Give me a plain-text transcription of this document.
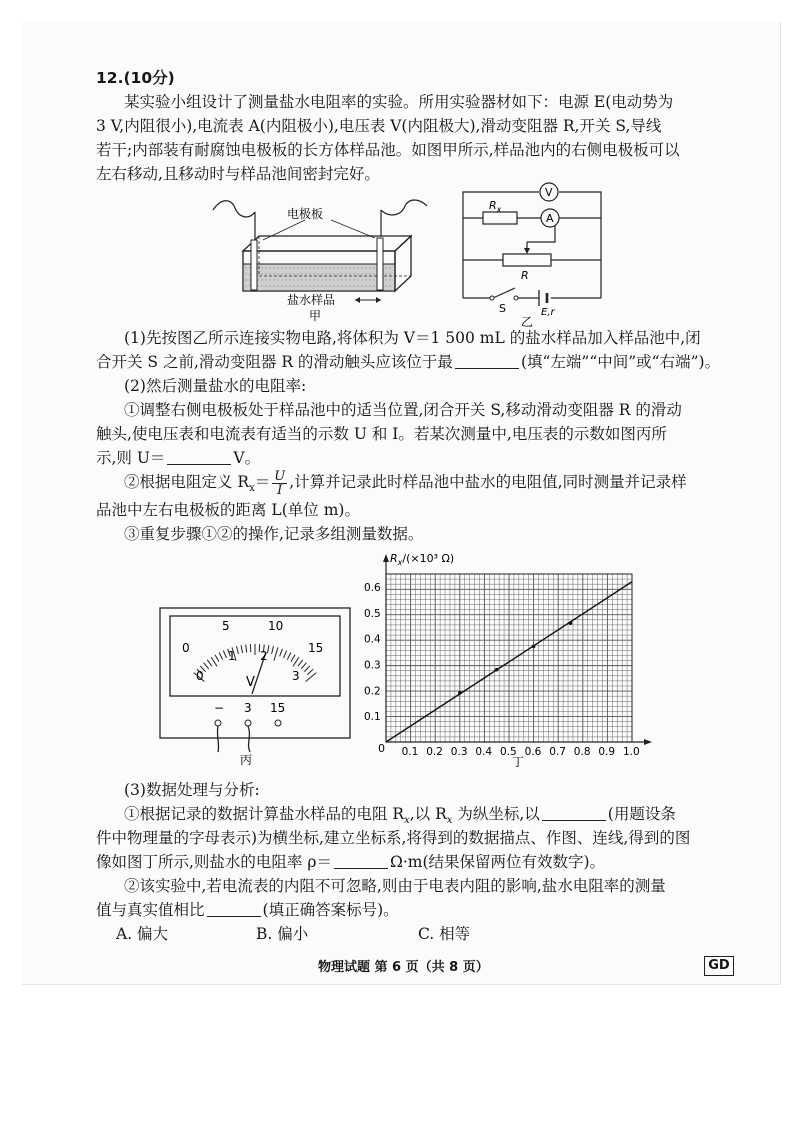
12.(10分)
某实验小组设计了测量盐水电阻率的实验。所用实验器材如下：电源 E(电动势为
3 V,内阻很小),电流表 A(内阻极小),电压表 V(内阻极大),滑动变阻器 R,开关 S,导线
若干;内部装有耐腐蚀电极板的长方体样品池。如图甲所示,样品池内的右侧电极板可以
左右移动,且移动时与样品池间密封完好。
电极板
盐水样品
甲
V
A
$R_x$
R
S	E,r
乙
(1)先按图乙所示连接实物电路,将体积为 V＝1 500 mL 的盐水样品加入样品池中,闭
合开关 S 之前,滑动变阻器 R 的滑动触头应该位于最	(填“左端”“中间”或“右端”)。
(2)然后测量盐水的电阻率:
①调整右侧电极板处于样品池中的适当位置,闭合开关 S,移动滑动变阻器 R 的滑动
触头,使电压表和电流表有适当的示数 U 和 I。若某次测量中,电压表的示数如图丙所
示,则 U＝	V。
②根据电阻定义 $R_x= \frac{U}{I}$ ,计算并记录此时样品池中盐水的电阻值,同时测量并记录样
品池中左右电极板的距离 L(单位 m)。
③重复步骤①②的操作,记录多组测量数据。
0
5	10
15
0
1 2
3
V
− 3 15
丙
$R_x/(\times 10^3$ Ω)
0 0.1 0.2 0.3 0.4 0.5 0.6 0.7 0.8 0.9 1.0
0.1
0.2
0.3
0.4
0.5
0.6
丁
(3)数据处理与分析:
①根据记录的数据计算盐水样品的电阻 $R_x$,以 $R_x$ 为纵坐标,以	(用题设条
件中物理量的字母表示)为横坐标,建立坐标系,将得到的数据描点、作图、连线,得到的图
像如图丁所示,则盐水的电阻率 ρ＝	Ω·m(结果保留两位有效数字)。
②该实验中,若电流表的内阻不可忽略,则由于电表内阻的影响,盐水电阻率的测量
值与真实值相比	(填正确答案标号)。
A. 偏大	B. 偏小	C. 相等
物理试题 第 6 页（共 8 页）	GD
